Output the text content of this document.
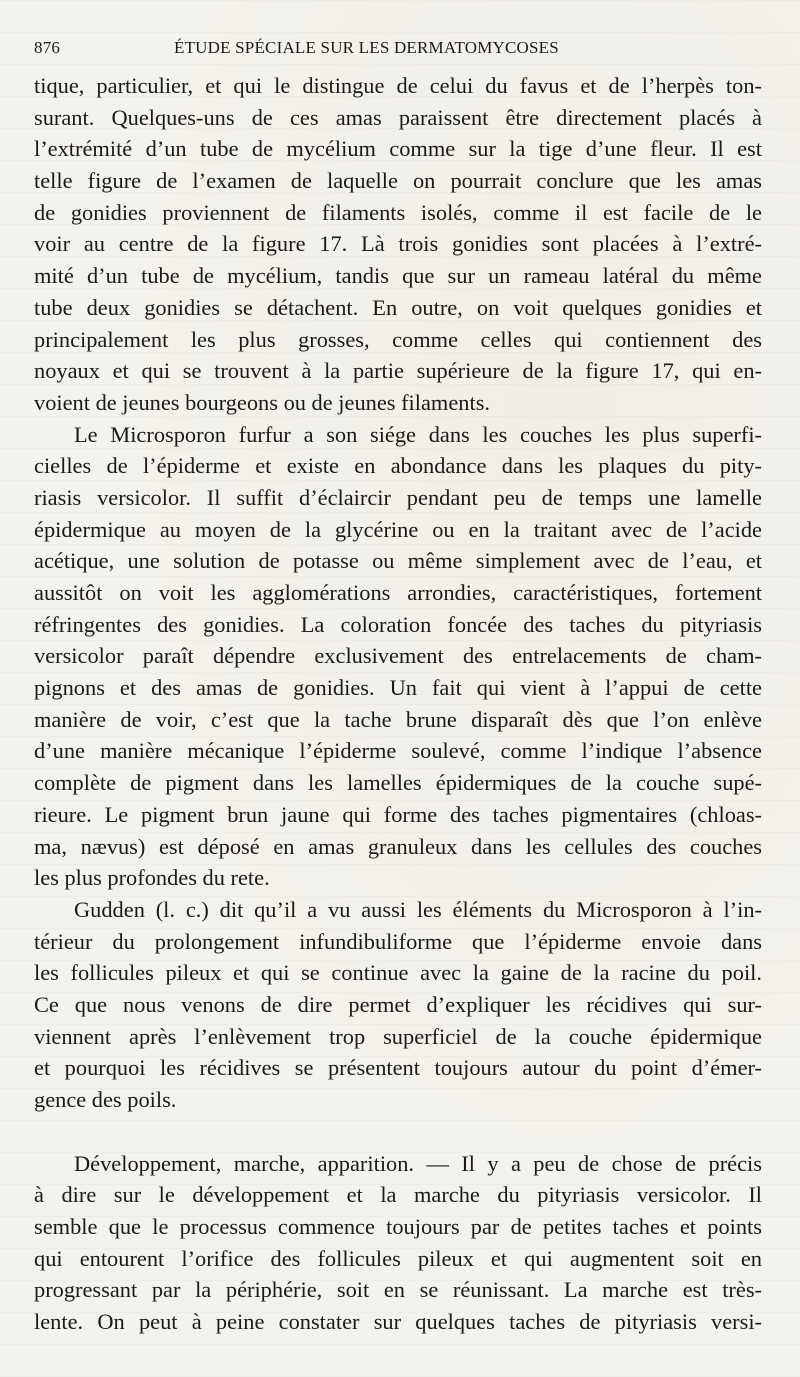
876	ÉTUDE SPÉCIALE SUR LES DERMATOMYCOSES
tique, particulier, et qui le distingue de celui du favus et de l’herpès ton-
surant. Quelques-uns de ces amas paraissent être directement placés à
l’extrémité d’un tube de mycélium comme sur la tige d’une fleur. Il est
telle figure de l’examen de laquelle on pourrait conclure que les amas
de gonidies proviennent de filaments isolés, comme il est facile de le
voir au centre de la figure 17. Là trois gonidies sont placées à l’extré-
mité d’un tube de mycélium, tandis que sur un rameau latéral du même
tube deux gonidies se détachent. En outre, on voit quelques gonidies et
principalement les plus grosses, comme celles qui contiennent des
noyaux et qui se trouvent à la partie supérieure de la figure 17, qui en-
voient de jeunes bourgeons ou de jeunes filaments.
Le Microsporon furfur a son siége dans les couches les plus superfi-
cielles de l’épiderme et existe en abondance dans les plaques du pity-
riasis versicolor. Il suffit d’éclaircir pendant peu de temps une lamelle
épidermique au moyen de la glycérine ou en la traitant avec de l’acide
acétique, une solution de potasse ou même simplement avec de l’eau, et
aussitôt on voit les agglomérations arrondies, caractéristiques, fortement
réfringentes des gonidies. La coloration foncée des taches du pityriasis
versicolor paraît dépendre exclusivement des entrelacements de cham-
pignons et des amas de gonidies. Un fait qui vient à l’appui de cette
manière de voir, c’est que la tache brune disparaît dès que l’on enlève
d’une manière mécanique l’épiderme soulevé, comme l’indique l’absence
complète de pigment dans les lamelles épidermiques de la couche supé-
rieure. Le pigment brun jaune qui forme des taches pigmentaires (chloas-
ma, nævus) est déposé en amas granuleux dans les cellules des couches
les plus profondes du rete.
Gudden (l. c.) dit qu’il a vu aussi les éléments du Microsporon à l’in-
térieur du prolongement infundibuliforme que l’épiderme envoie dans
les follicules pileux et qui se continue avec la gaine de la racine du poil.
Ce que nous venons de dire permet d’expliquer les récidives qui sur-
viennent après l’enlèvement trop superficiel de la couche épidermique
et pourquoi les récidives se présentent toujours autour du point d’émer-
gence des poils.
Développement, marche, apparition. — Il y a peu de chose de précis
à dire sur le développement et la marche du pityriasis versicolor. Il
semble que le processus commence toujours par de petites taches et points
qui entourent l’orifice des follicules pileux et qui augmentent soit en
progressant par la périphérie, soit en se réunissant. La marche est très-
lente. On peut à peine constater sur quelques taches de pityriasis versi-
